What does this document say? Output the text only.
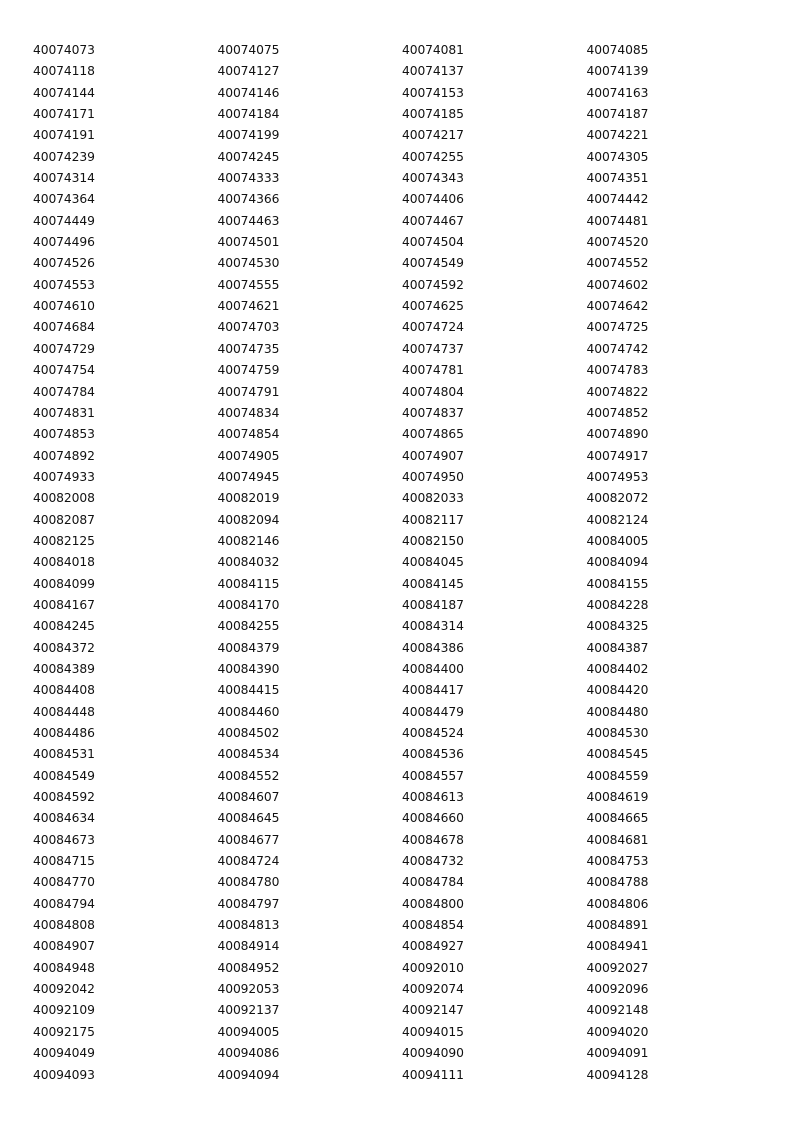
40074073	40074075	40074081	40074085
40074118	40074127	40074137	40074139
40074144	40074146	40074153	40074163
40074171	40074184	40074185	40074187
40074191	40074199	40074217	40074221
40074239	40074245	40074255	40074305
40074314	40074333	40074343	40074351
40074364	40074366	40074406	40074442
40074449	40074463	40074467	40074481
40074496	40074501	40074504	40074520
40074526	40074530	40074549	40074552
40074553	40074555	40074592	40074602
40074610	40074621	40074625	40074642
40074684	40074703	40074724	40074725
40074729	40074735	40074737	40074742
40074754	40074759	40074781	40074783
40074784	40074791	40074804	40074822
40074831	40074834	40074837	40074852
40074853	40074854	40074865	40074890
40074892	40074905	40074907	40074917
40074933	40074945	40074950	40074953
40082008	40082019	40082033	40082072
40082087	40082094	40082117	40082124
40082125	40082146	40082150	40084005
40084018	40084032	40084045	40084094
40084099	40084115	40084145	40084155
40084167	40084170	40084187	40084228
40084245	40084255	40084314	40084325
40084372	40084379	40084386	40084387
40084389	40084390	40084400	40084402
40084408	40084415	40084417	40084420
40084448	40084460	40084479	40084480
40084486	40084502	40084524	40084530
40084531	40084534	40084536	40084545
40084549	40084552	40084557	40084559
40084592	40084607	40084613	40084619
40084634	40084645	40084660	40084665
40084673	40084677	40084678	40084681
40084715	40084724	40084732	40084753
40084770	40084780	40084784	40084788
40084794	40084797	40084800	40084806
40084808	40084813	40084854	40084891
40084907	40084914	40084927	40084941
40084948	40084952	40092010	40092027
40092042	40092053	40092074	40092096
40092109	40092137	40092147	40092148
40092175	40094005	40094015	40094020
40094049	40094086	40094090	40094091
40094093	40094094	40094111	40094128
